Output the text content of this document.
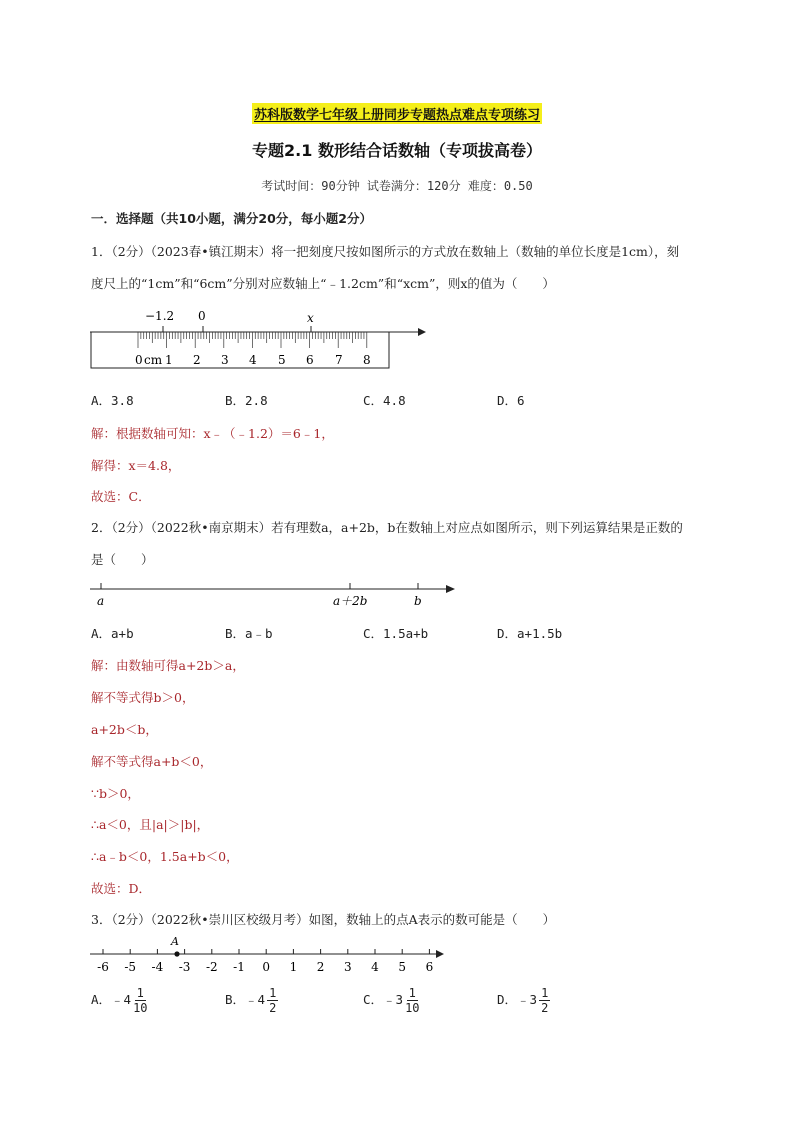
苏科版数学七年级上册同步专题热点难点专项练习
专题2.1 数形结合话数轴（专项拔高卷）
考试时间：90分钟 试卷满分：120分 难度：0.50
一．选择题（共10小题，满分20分，每小题2分）
1．（2分）（2023春•镇江期末）将一把刻度尺按如图所示的方式放在数轴上（数轴的单位长度是1cm），刻
度尺上的“1cm”和“6cm”分别对应数轴上“﹣1.2cm”和“xcm”，则x的值为（　　）
−1.2 0	x
0 cm 1 2 3 4 5 6 7 8
A．3.8	B．2.8	C．4.8	D．6
解：根据数轴可知：x﹣（﹣1.2）＝6﹣1，
解得：x＝4.8，
故选：C．
2．（2分）（2022秋•南京期末）若有理数a，a+2b，b在数轴上对应点如图所示，则下列运算结果是正数的
是（　　）
a	a＋2b	b
A．a+b	B．a﹣b	C．1.5a+b	D．a+1.5b
解：由数轴可得a+2b＞a，
解不等式得b＞0，
a+2b＜b，
解不等式得a+b＜0，
∵b＞0，
∴a＜0，且|a|＞|b|，
∴a﹣b＜0，1.5a+b＜0，
故选：D．
3．（2分）（2022秋•崇川区校级月考）如图，数轴上的点A表示的数可能是（　　）
-6 -5 -4 -3 -2 -1 0 1 2 3 4 5 6
A
A．﹣4 $\frac{1}{10}$	B．﹣4 $\frac{1}{2}$	C．﹣3 $\frac{1}{10}$	D．﹣3 $\frac{1}{2}$
